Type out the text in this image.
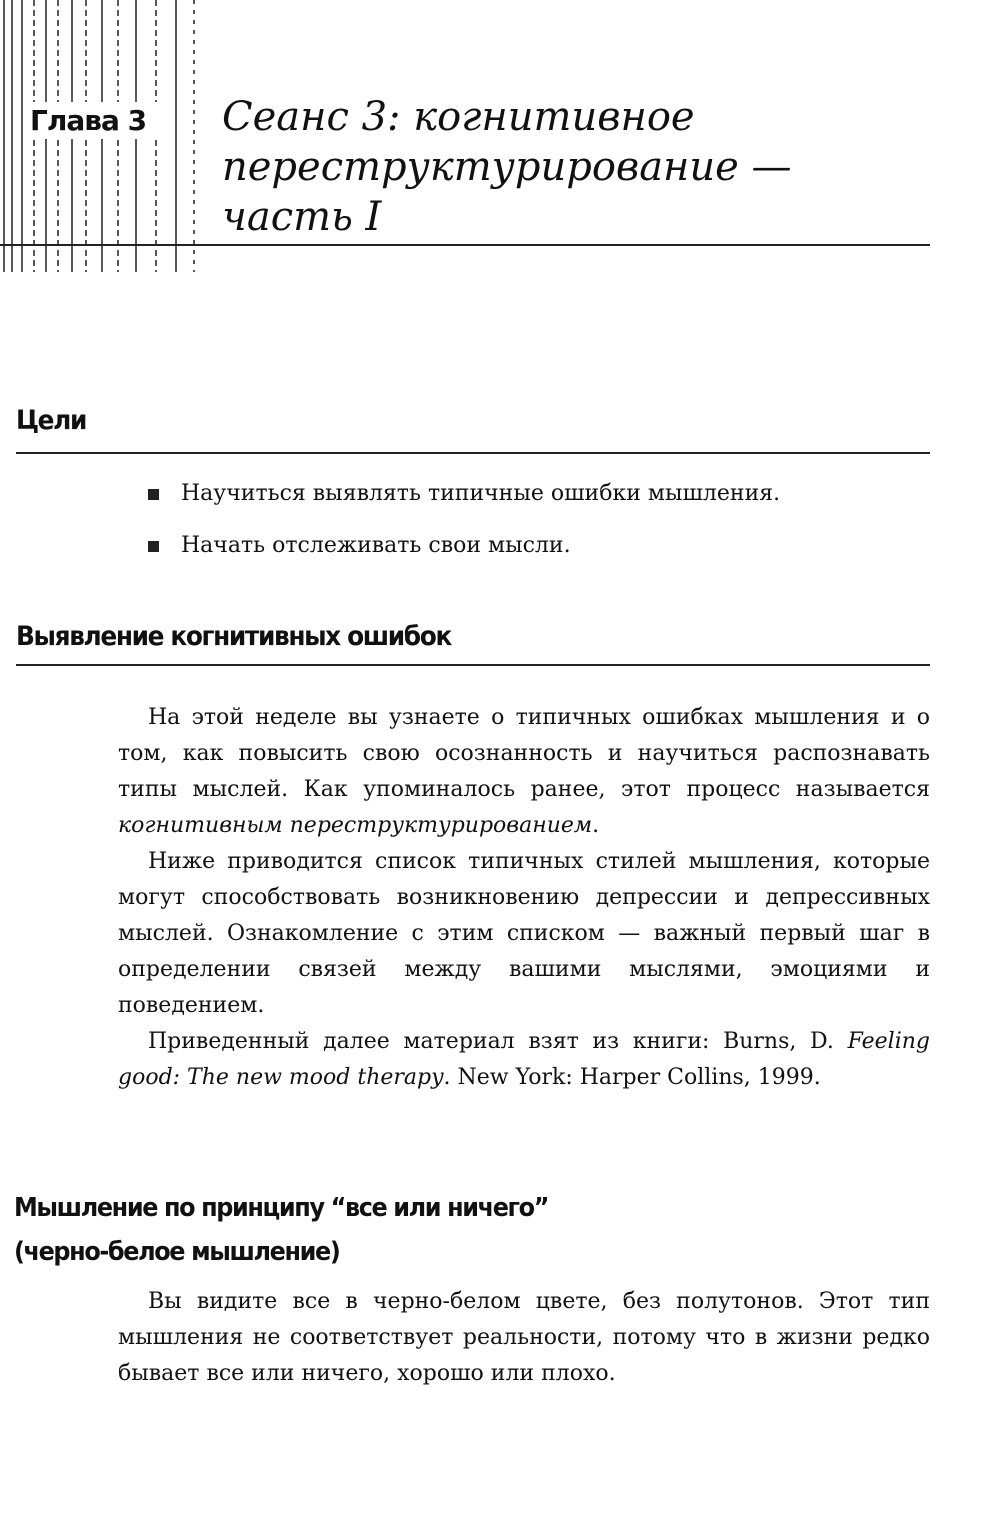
Глава 3	Сеанс 3: когнитивное
переструктурирование —
часть I
Цели
Научиться выявлять типичные ошибки мышления.
Начать отслеживать свои мысли.
Выявление когнитивных ошибок

На этой неделе вы узнаете о типичных ошибках мышления и о том, как повысить свою осознанность и научиться распознавать типы мыслей. Как упоминалось ранее, этот процесс называется когнитивным переструктурированием.

Ниже приводится список типичных стилей мышления, которые могут способствовать возникновению депрессии и депрессивных мыслей. Ознакомление с этим списком — важный первый шаг в определении связей между вашими мыслями, эмоциями и поведением.

Приведенный далее материал взят из книги: Burns, D. Feeling good: The new mood therapy. New York: Harper Collins, 1999.

Мышление по принципу “все или ничего”
(черно-белое мышление)

Вы видите все в черно-белом цвете, без полутонов. Этот тип мышления не соответствует реальности, потому что в жизни редко бывает все или ничего, хорошо или плохо.
